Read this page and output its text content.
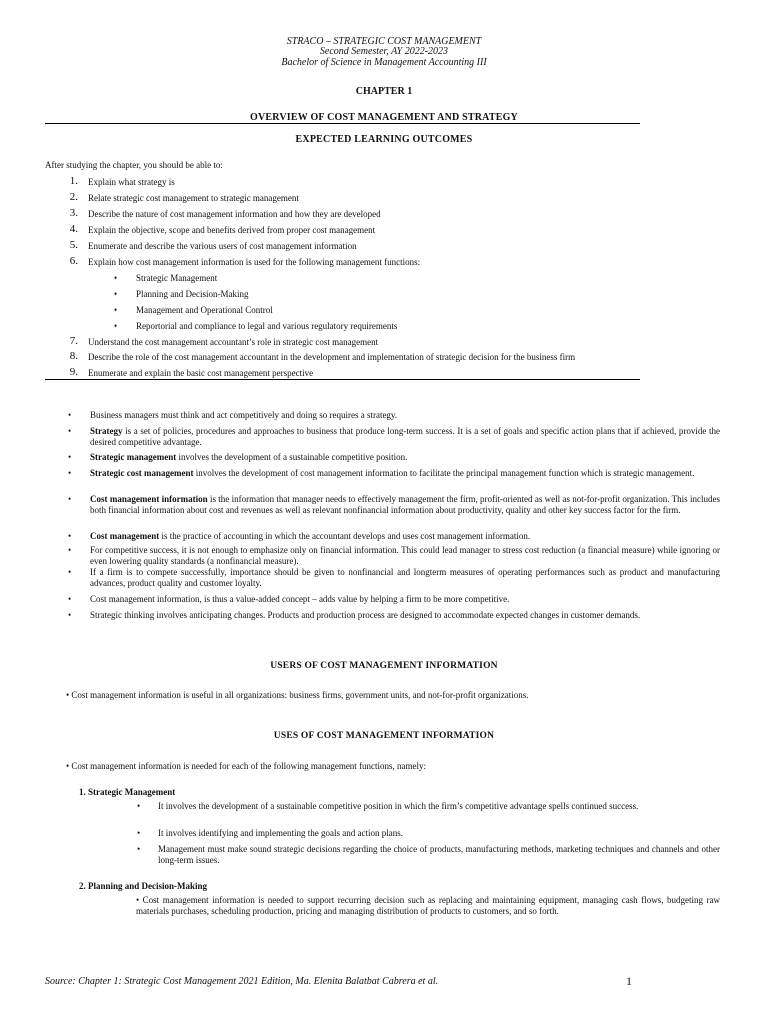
STRACO – STRATEGIC COST MANAGEMENT
Second Semester, AY 2022-2023
Bachelor of Science in Management Accounting III
CHAPTER 1
OVERVIEW OF COST MANAGEMENT AND STRATEGY
EXPECTED LEARNING OUTCOMES
After studying the chapter, you should be able to:
1. Explain what strategy is
2. Relate strategic cost management to strategic management
3. Describe the nature of cost management information and how they are developed
4. Explain the objective, scope and benefits derived from proper cost management
5. Enumerate and describe the various users of cost management information
6. Explain how cost management information is used for the following management functions:
• Strategic Management
• Planning and Decision-Making
• Management and Operational Control
• Reportorial and compliance to legal and various regulatory requirements
7. Understand the cost management accountant’s role in strategic cost management
8. Describe the role of the cost management accountant in the development and implementation of strategic decision for the business firm
9. Enumerate and explain the basic cost management perspective
• Business managers must think and act competitively and doing so requires a strategy.
• Strategy is a set of policies, procedures and approaches to business that produce long-term success. It is a set of goals and specific action plans that if achieved, provide the desired competitive advantage.
• Strategic management involves the development of a sustainable competitive position.
• Strategic cost management involves the development of cost management information to facilitate the principal management function which is strategic management.
• Cost management information is the information that manager needs to effectively management the firm, profit-oriented as well as not-for-profit organization. This includes both financial information about cost and revenues as well as relevant nonfinancial information about productivity, quality and other key success factor for the firm.
• Cost management is the practice of accounting in which the accountant develops and uses cost management information.
• For competitive success, it is not enough to emphasize only on financial information. This could lead manager to stress cost reduction (a financial measure) while ignoring or even lowering quality standards (a nonfinancial measure).
• If a firm is to compete successfully, importance should be given to nonfinancial and longterm measures of operating performances such as product and manufacturing advances, product quality and customer loyalty.
• Cost management information, is thus a value-added concept – adds value by helping a firm to be more competitive.
• Strategic thinking involves anticipating changes. Products and production process are designed to accommodate expected changes in customer demands.
USERS OF COST MANAGEMENT INFORMATION
• Cost management information is useful in all organizations: business firms, government units, and not-for-profit organizations.
USES OF COST MANAGEMENT INFORMATION
• Cost management information is needed for each of the following management functions, namely:
1. Strategic Management
• It involves the development of a sustainable competitive position in which the firm’s competitive advantage spells continued success.
• It involves identifying and implementing the goals and action plans.
• Management must make sound strategic decisions regarding the choice of products, manufacturing methods, marketing techniques and channels and other long-term issues.
2. Planning and Decision-Making
• Cost management information is needed to support recurring decision such as replacing and maintaining equipment, managing cash flows, budgeting raw materials purchases, scheduling production, pricing and managing distribution of products to customers, and so forth.
Source: Chapter 1: Strategic Cost Management 2021 Edition, Ma. Elenita Balatbat Cabrera et al.	1
